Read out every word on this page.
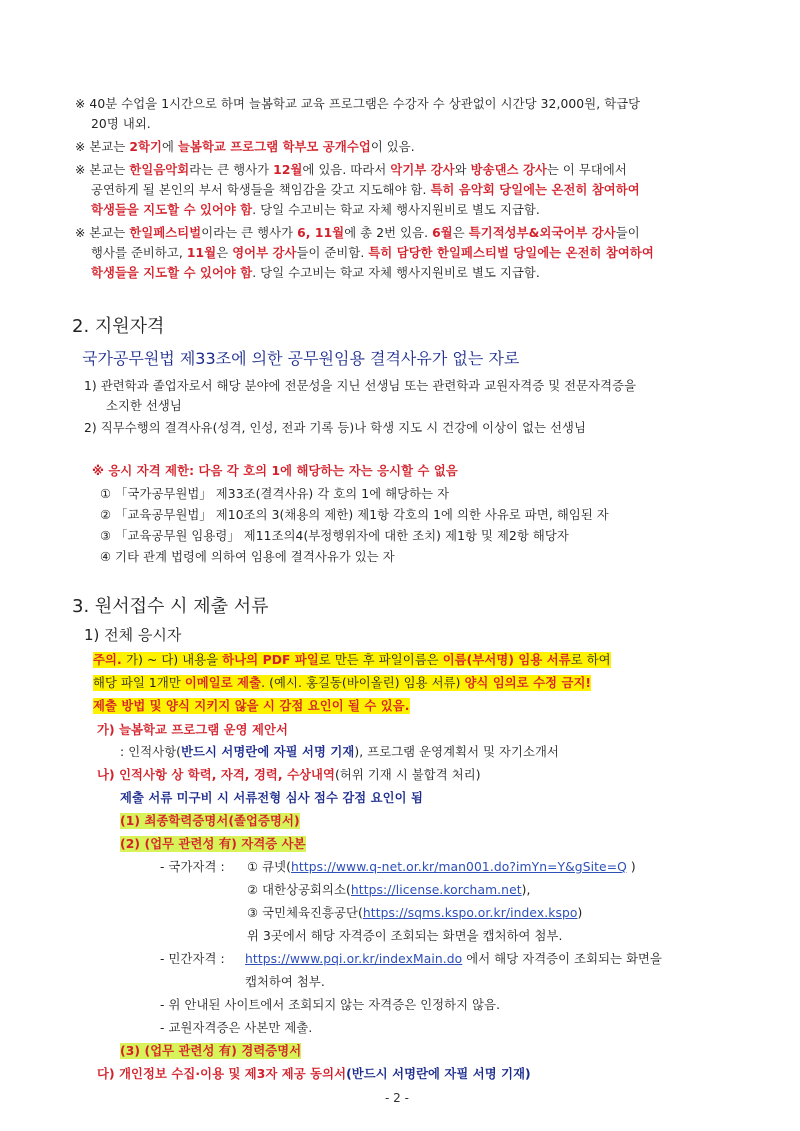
※ 40분 수업을 1시간으로 하며 늘봄학교 교육 프로그램은 수강자 수 상관없이 시간당 32,000원, 학급당
20명 내외.
※ 본교는 2학기에 늘봄학교 프로그램 학부모 공개수업이 있음.
※ 본교는 한일음악회라는 큰 행사가 12월에 있음. 따라서 악기부 강사와 방송댄스 강사는 이 무대에서
공연하게 될 본인의 부서 학생들을 책임감을 갖고 지도해야 함. 특히 음악회 당일에는 온전히 참여하여
학생들을 지도할 수 있어야 함. 당일 수고비는 학교 자체 행사지원비로 별도 지급함.
※ 본교는 한일페스티벌이라는 큰 행사가 6, 11월에 총 2번 있음. 6월은 특기적성부&외국어부 강사들이
행사를 준비하고, 11월은 영어부 강사들이 준비함. 특히 담당한 한일페스티벌 당일에는 온전히 참여하여
학생들을 지도할 수 있어야 함. 당일 수고비는 학교 자체 행사지원비로 별도 지급함.
2. 지원자격
국가공무원법 제33조에 의한 공무원임용 결격사유가 없는 자로
1) 관련학과 졸업자로서 해당 분야에 전문성을 지닌 선생님 또는 관련학과 교원자격증 및 전문자격증을
소지한 선생님
2) 직무수행의 결격사유(성격, 인성, 전과 기록 등)나 학생 지도 시 건강에 이상이 없는 선생님
※ 응시 자격 제한: 다음 각 호의 1에 해당하는 자는 응시할 수 없음
① 「국가공무원법」 제33조(결격사유) 각 호의 1에 해당하는 자
② 「교육공무원법」 제10조의 3(채용의 제한) 제1항 각호의 1에 의한 사유로 파면, 해임된 자
③ 「교육공무원 임용령」 제11조의4(부정행위자에 대한 조치) 제1항 및 제2항 해당자
④ 기타 관계 법령에 의하여 임용에 결격사유가 있는 자
3. 원서접수 시 제출 서류
1) 전체 응시자
주의. 가) ~ 다) 내용을 하나의 PDF 파일로 만든 후 파일이름은 이름(부서명) 임용 서류로 하여
해당 파일 1개만 이메일로 제출. (예시. 홍길동(바이올린) 임용 서류) 양식 임의로 수정 금지!
제출 방법 및 양식 지키지 않을 시 감점 요인이 될 수 있음.
가) 늘봄학교 프로그램 운영 제안서
: 인적사항(반드시 서명란에 자필 서명 기재), 프로그램 운영계획서 및 자기소개서
나) 인적사항 상 학력, 자격, 경력, 수상내역(허위 기재 시 불합격 처리)
제출 서류 미구비 시 서류전형 심사 점수 감점 요인이 됨
(1) 최종학력증명서(졸업증명서)
(2) (업무 관련성 有) 자격증 사본
- 국가자격 : ① 큐넷(https://www.q-net.or.kr/man001.do?imYn=Y&gSite=Q )
② 대한상공회의소(https://license.korcham.net),
③ 국민체육진흥공단(https://sqms.kspo.or.kr/index.kspo)
위 3곳에서 해당 자격증이 조회되는 화면을 캡처하여 첨부.
- 민간자격 : https://www.pqi.or.kr/indexMain.do 에서 해당 자격증이 조회되는 화면을
캡처하여 첨부.
- 위 안내된 사이트에서 조회되지 않는 자격증은 인정하지 않음.
- 교원자격증은 사본만 제출.
(3) (업무 관련성 有) 경력증명서
다) 개인정보 수집·이용 및 제3자 제공 동의서(반드시 서명란에 자필 서명 기재)
- 2 -
